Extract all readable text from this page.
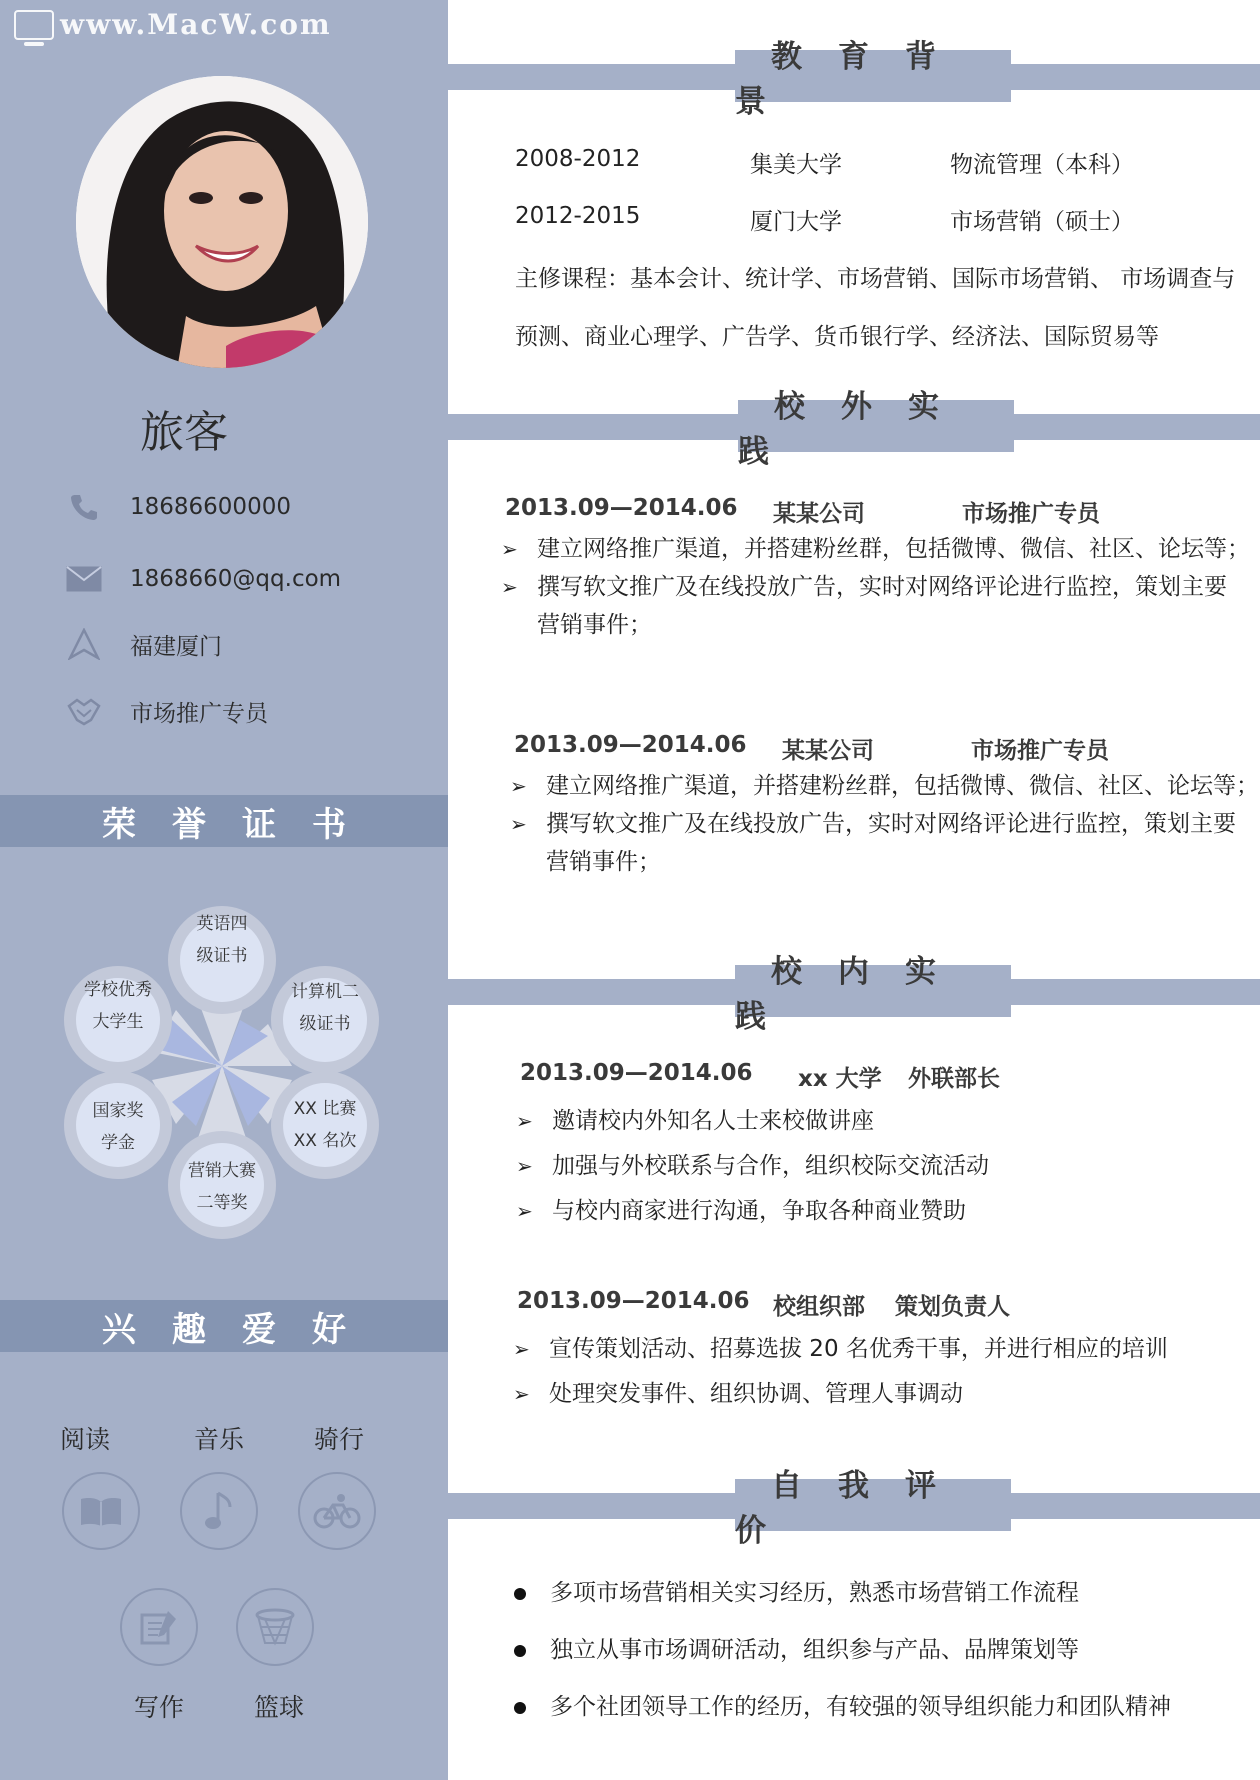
www.MacW.com
旅客
18686600000
1868660@qq.com
福建厦门
市场推广专员
荣誉证书
英语四
级证书
计算机二
级证书
XX 比赛
XX 名次
营销大赛
二等奖
国家奖
学金
学校优秀
大学生
兴趣爱好
阅读	音乐	骑行
写作	篮球
教育背景
2008-2012	集美大学	物流管理（本科）
2012-2015	厦门大学	市场营销（硕士）
主修课程：基本会计、统计学、市场营销、国际市场营销、 市场调查与
预测、商业心理学、广告学、货币银行学、经济法、国际贸易等
校外实践
2013.09—2014.06 某某公司	市场推广专员
➢ 建立网络推广渠道，并搭建粉丝群，包括微博、微信、社区、论坛等；
➢ 撰写软文推广及在线投放广告，实时对网络评论进行监控，策划主要
营销事件；
2013.09—2014.06 某某公司	市场推广专员
➢ 建立网络推广渠道，并搭建粉丝群，包括微博、微信、社区、论坛等；
➢ 撰写软文推广及在线投放广告，实时对网络评论进行监控，策划主要
营销事件；
校内实践
2013.09—2014.06 xx 大学 外联部长
➢ 邀请校内外知名人士来校做讲座
➢ 加强与外校联系与合作，组织校际交流活动
➢ 与校内商家进行沟通，争取各种商业赞助
2013.09—2014.06 校组织部 策划负责人
➢ 宣传策划活动、招募选拔 20 名优秀干事，并进行相应的培训
➢ 处理突发事件、组织协调、管理人事调动
自我评价
多项市场营销相关实习经历，熟悉市场营销工作流程
独立从事市场调研活动，组织参与产品、品牌策划等
多个社团领导工作的经历，有较强的领导组织能力和团队精神
